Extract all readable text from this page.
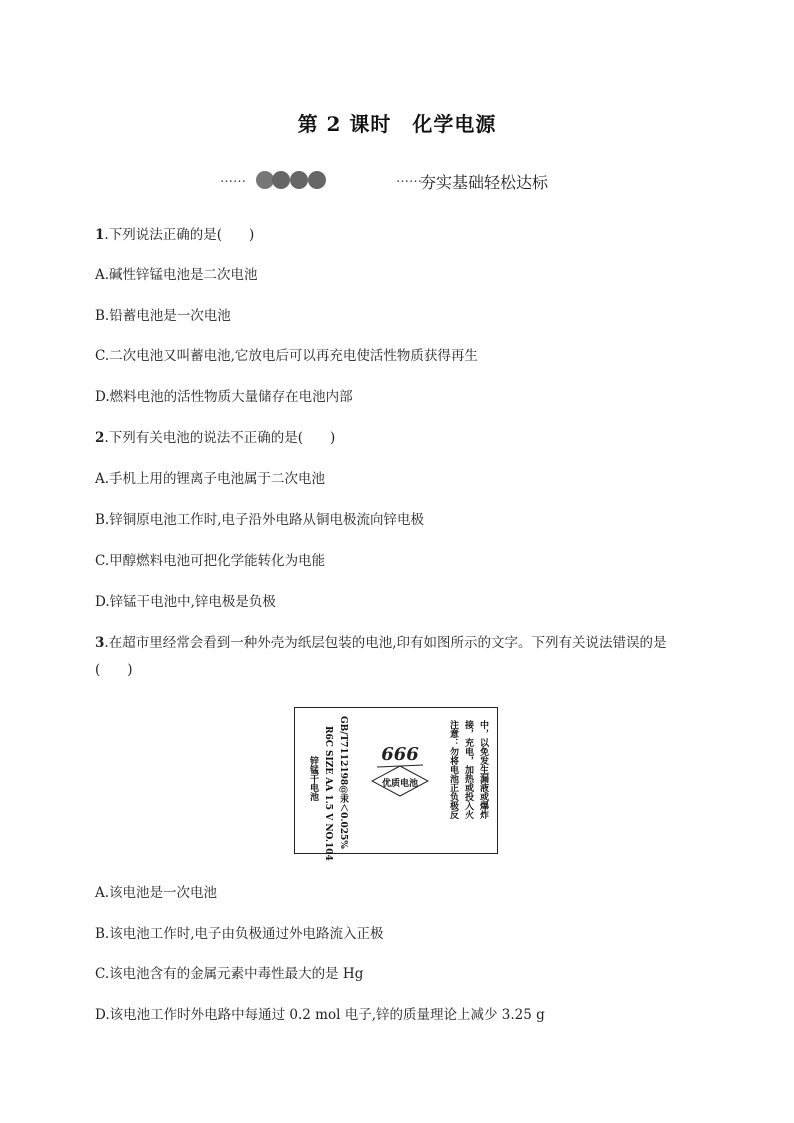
第 2 课时　化学电源
……	……
夯实基础轻松达标
1.下列说法正确的是(　　)
A.碱性锌锰电池是二次电池
B.铅蓄电池是一次电池
C.二次电池又叫蓄电池,它放电后可以再充电使活性物质获得再生
D.燃料电池的活性物质大量储存在电池内部
2.下列有关电池的说法不正确的是(　　)
A.手机上用的锂离子电池属于二次电池
B.锌铜原电池工作时,电子沿外电路从铜电极流向锌电极
C.甲醇燃料电池可把化学能转化为电能
D.锌锰干电池中,锌电极是负极
3.在超市里经常会看到一种外壳为纸层包装的电池,印有如图所示的文字。下列有关说法错误的是
(　　)
锌锰干电池 R6C SIZE AA 1.5 V NO.104 GB/T7112198@汞＜0.025%	666
优质电池	注意：勿将电池正负极反 接，充电，加热或投入火 中，以免发生漏液或爆炸
A.该电池是一次电池
B.该电池工作时,电子由负极通过外电路流入正极
C.该电池含有的金属元素中毒性最大的是 Hg
D.该电池工作时外电路中每通过 0.2 mol 电子,锌的质量理论上减少 3.25 g
